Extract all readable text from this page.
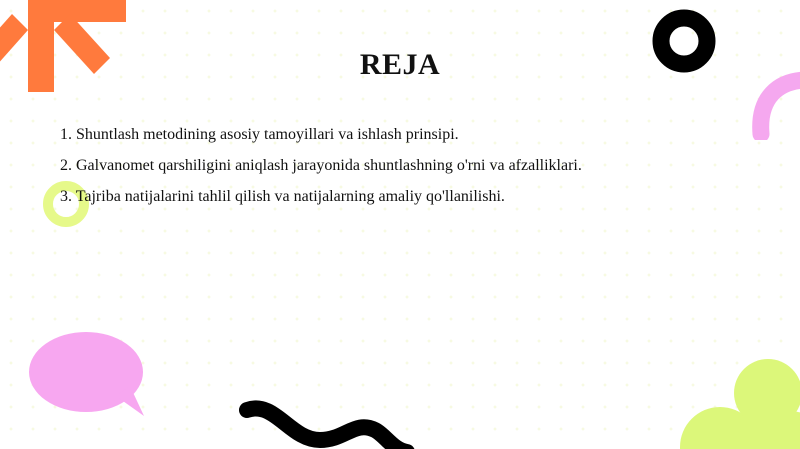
REJA
1. Shuntlash metodining asosiy tamoyillari va ishlash prinsipi.
2. Galvanomet qarshiligini aniqlash jarayonida shuntlashning o'rni va afzalliklari.
3. Tajriba natijalarini tahlil qilish va natijalarning amaliy qo'llanilishi.
